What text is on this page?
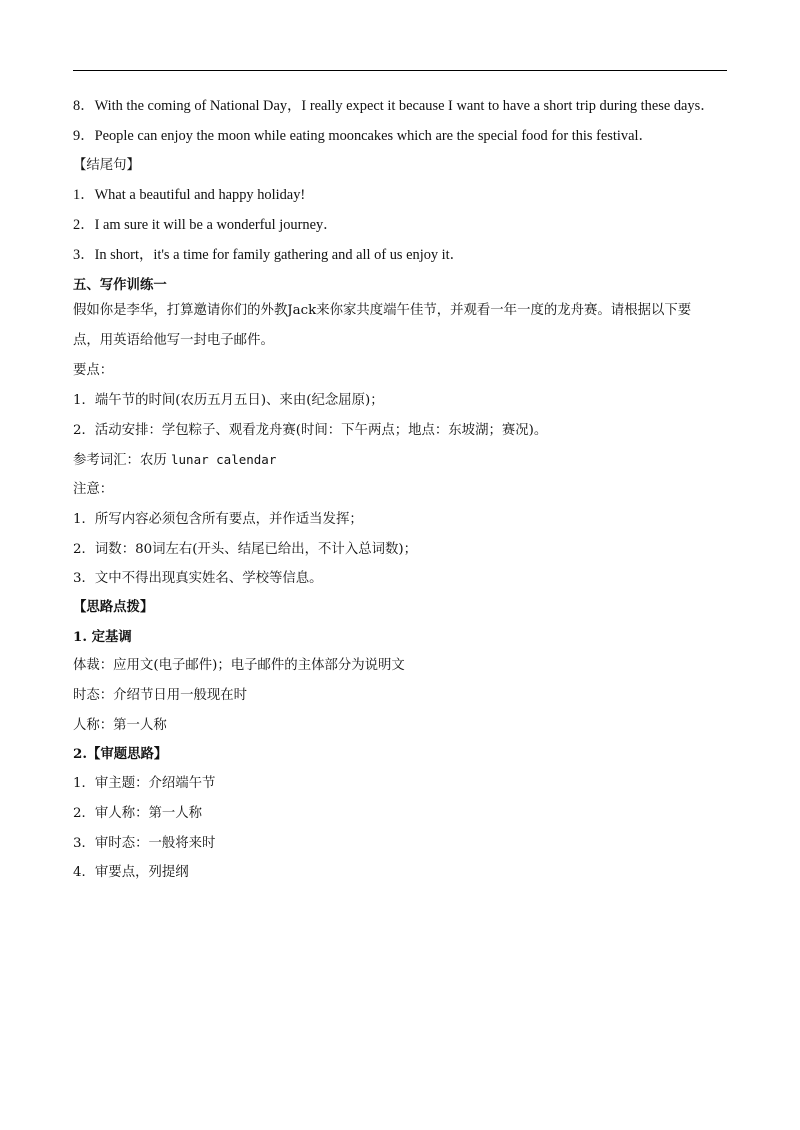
8．With the coming of National Day，I really expect it because I want to have a short trip during these days．
9．People can enjoy the moon while eating mooncakes which are the special food for this festival．
【结尾句】
1．What a beautiful and happy holiday!
2．I am sure it will be a wonderful journey．
3．In short，it's a time for family gathering and all of us enjoy it．
五、写作训练一
假如你是李华，打算邀请你们的外教Jack来你家共度端午佳节，并观看一年一度的龙舟赛。请根据以下要
点，用英语给他写一封电子邮件。
要点：
1．端午节的时间(农历五月五日)、来由(纪念屈原)；
2．活动安排：学包粽子、观看龙舟赛(时间：下午两点；地点：东坡湖；赛况)。
参考词汇：农历 lunar calendar
注意：
1．所写内容必须包含所有要点，并作适当发挥；
2．词数：80词左右(开头、结尾已给出，不计入总词数)；
3．文中不得出现真实姓名、学校等信息。
【思路点拨】
1. 定基调
体裁：应用文(电子邮件)；电子邮件的主体部分为说明文
时态：介绍节日用一般现在时
人称：第一人称
2.【审题思路】
1．审主题：介绍端午节
2．审人称：第一人称
3．审时态：一般将来时
4．审要点，列提纲
